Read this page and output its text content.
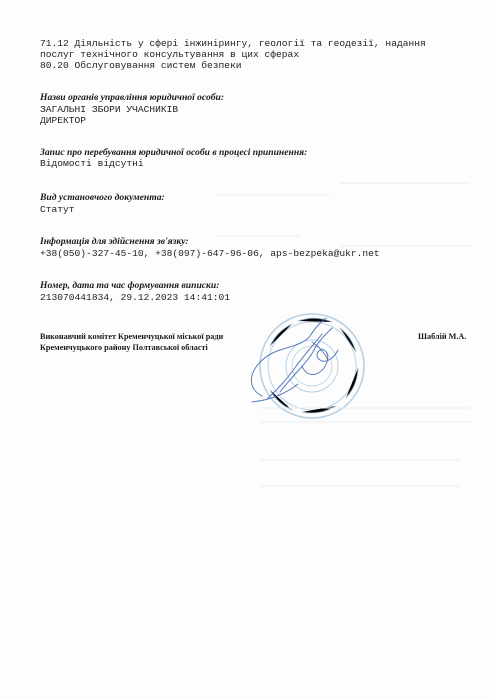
71.12 Діяльність у сфері інжинірингу, геології та геодезії, надання
послуг технічного консультування в цих сферах
80.20 Обслуговування систем безпеки
Назви органів управління юридичної особи:
ЗАГАЛЬНІ ЗБОРИ УЧАСНИКІВ
ДИРЕКТОР
Запис про перебування юридичної особи в процесі припинення:
Відомості відсутні
Вид установчого документа:
Статут
Інформація для здійснення зв'язку:
+38(050)-327-45-10, +38(097)-647-96-06, aps-bezpeka@ukr.net
Номер, дата та час формування виписки:
213070441834, 29.12.2023 14:41:01
Виконавчий комітет Кременчуцької міської ради
Кременчуцького району Полтавської області
Шаблій М.А.
